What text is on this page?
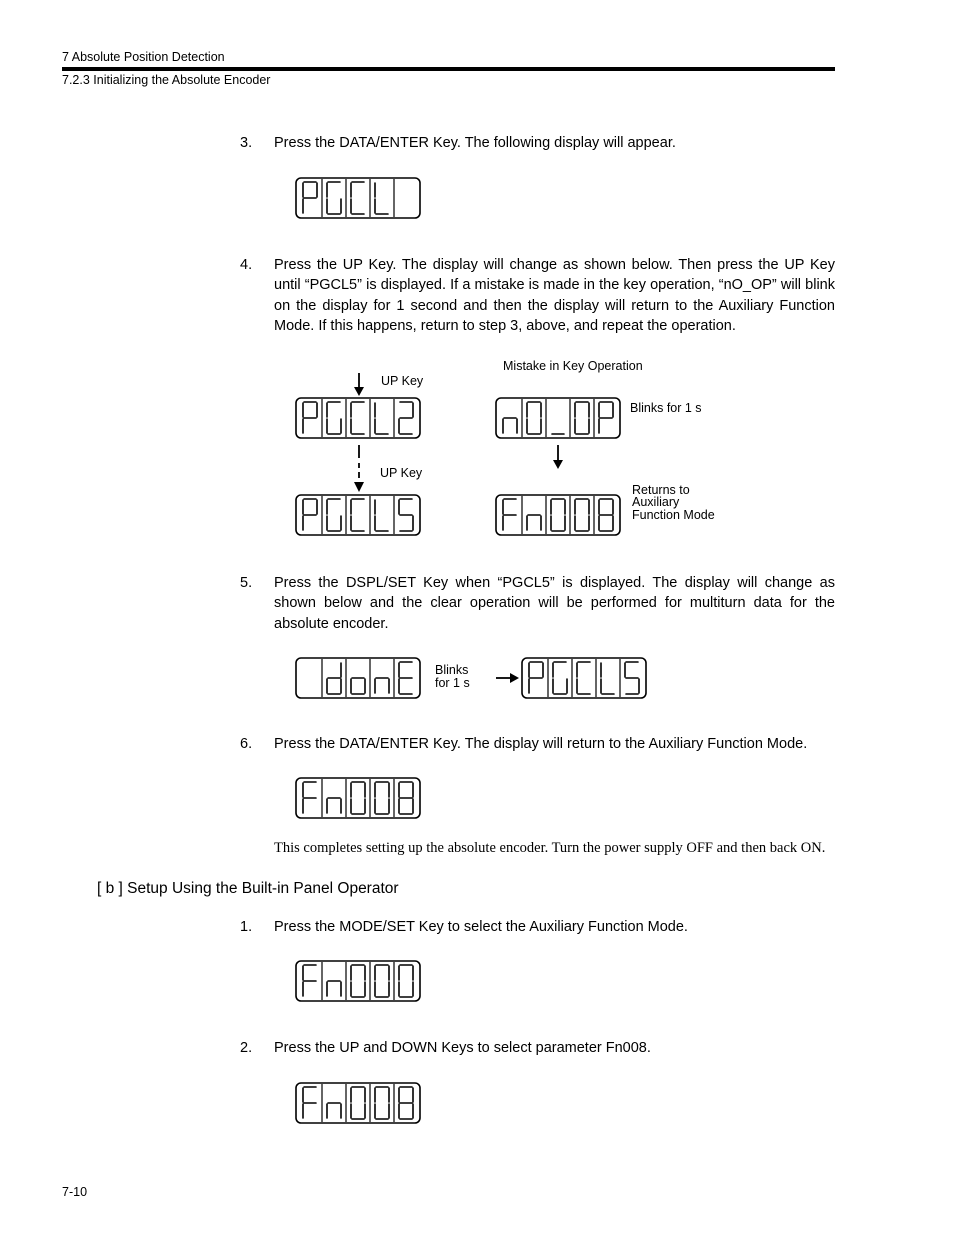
7 Absolute Position Detection
7.2.3 Initializing the Absolute Encoder
3. Press the DATA/ENTER Key. The following display will appear.
4. Press the UP Key. The display will change as shown below. Then press the UP Key until “PGCL5” is displayed. If a mistake is made in the key operation, “nO_OP” will blink on the display for 1 second and then the display will return to the Auxiliary Function Mode. If this happens, return to step 3, above, and repeat the operation.
UP Key
UP Key
Mistake in Key Operation
Blinks for 1 s
Returns to
Auxiliary
Function Mode
5. Press the DSPL/SET Key when “PGCL5” is displayed. The display will change as shown below and the clear operation will be performed for multiturn data for the absolute encoder.
Blinks
for 1 s
6. Press the DATA/ENTER Key. The display will return to the Auxiliary Function Mode.
This completes setting up the absolute encoder. Turn the power supply OFF and then back ON.
[ b ] Setup Using the Built-in Panel Operator
1. Press the MODE/SET Key to select the Auxiliary Function Mode.
2. Press the UP and DOWN Keys to select parameter Fn008.
7-10
